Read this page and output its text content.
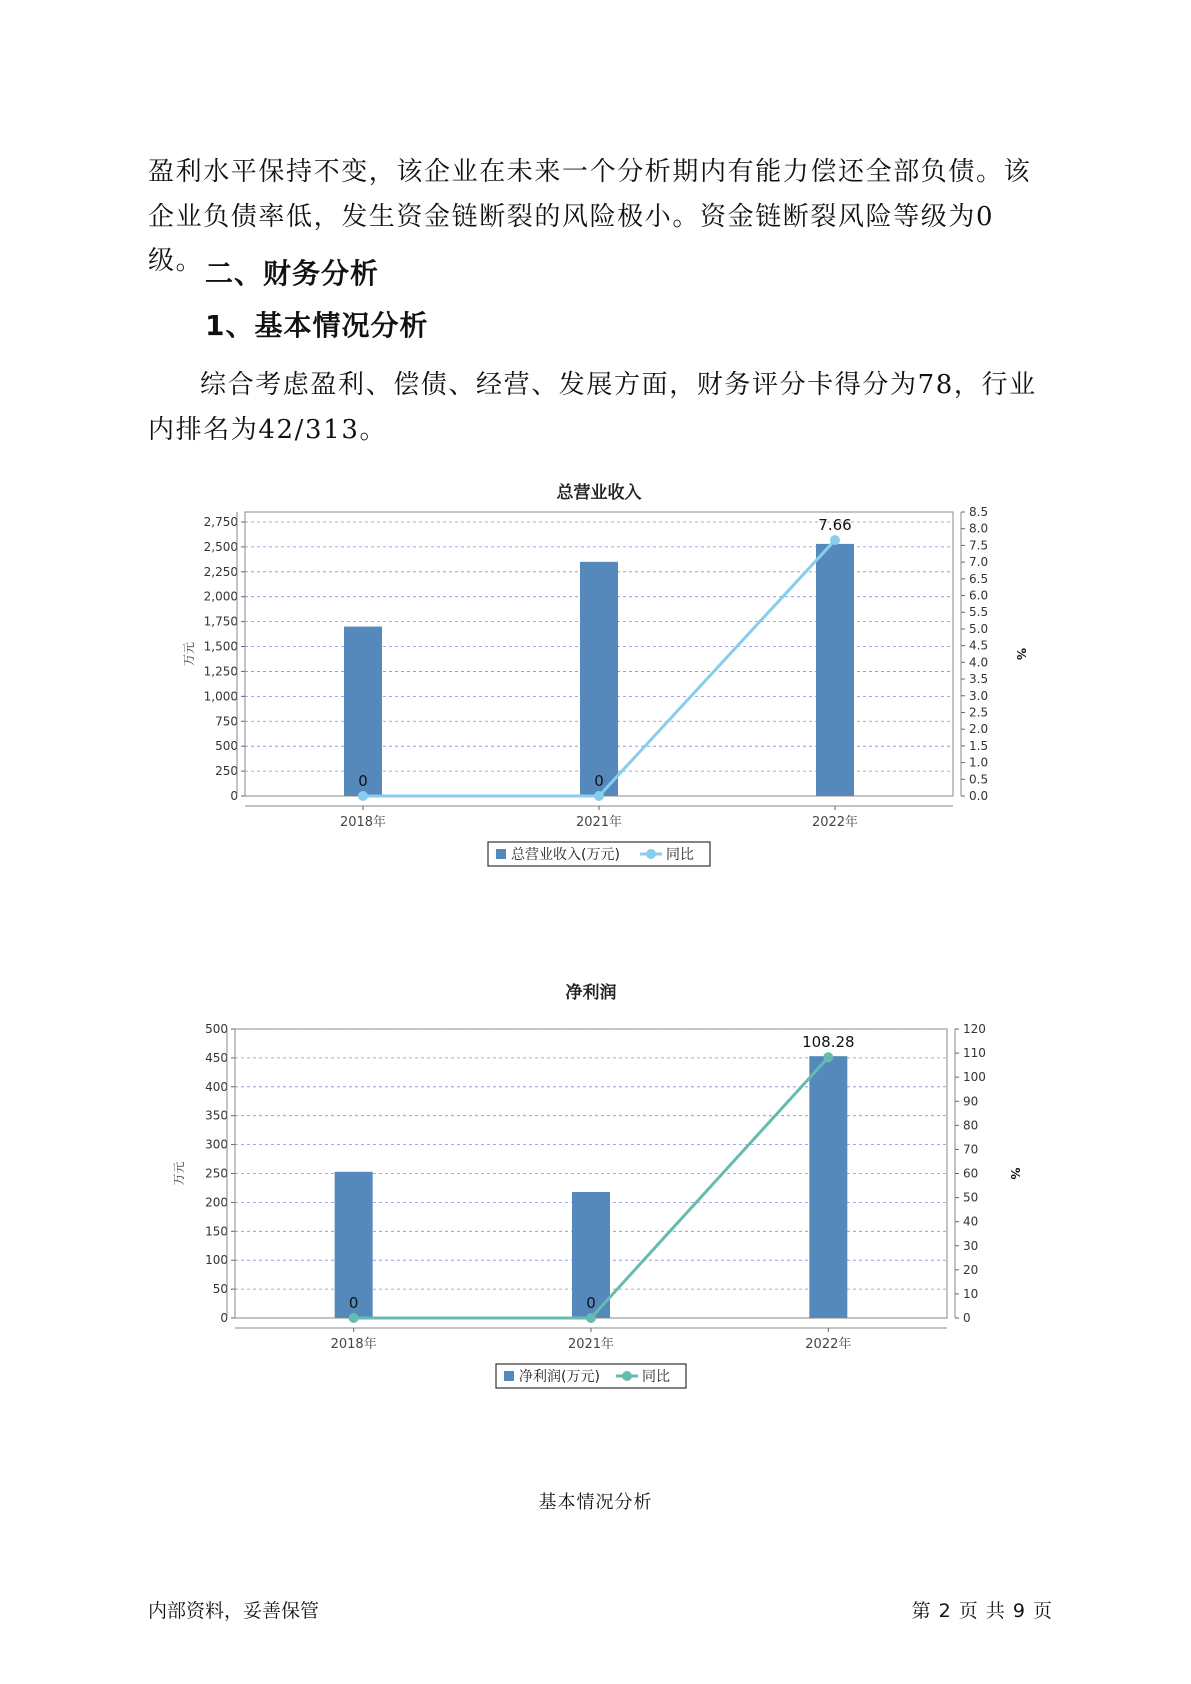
盈利水平保持不变，该企业在未来一个分析期内有能力偿还全部负债。该

企业负债率低，发生资金链断裂的风险极小。资金链断裂风险等级为0级。 二、财务分析
1、基本情况分析

综合考虑盈利、偿债、经营、发展方面，财务评分卡得分为78，行业

内排名为42/313。

总营业收入
0
250
500
750
1,000
1,250
1,500
1,750
2,000
2,250
2,500
2,750
0.0
0.5
1.0
1.5
2.0
2.5
3.0
3.5
4.0
4.5
5.0
5.5
6.0
6.5
7.0
7.5
8.0
8.5
万元	%
2018年	2021年	2022年
0	0
7.66
总营业收入(万元)	同比
净利润
0
50
100
150
200
250
300
350
400
450
500
0
10
20
30
40
50
60
70
80
90
100
110
120
万元	%
2018年	2021年	2022年
0	0
108.28
净利润(万元)	同比
基本情况分析
内部资料，妥善保管	第 2 页 共 9 页
